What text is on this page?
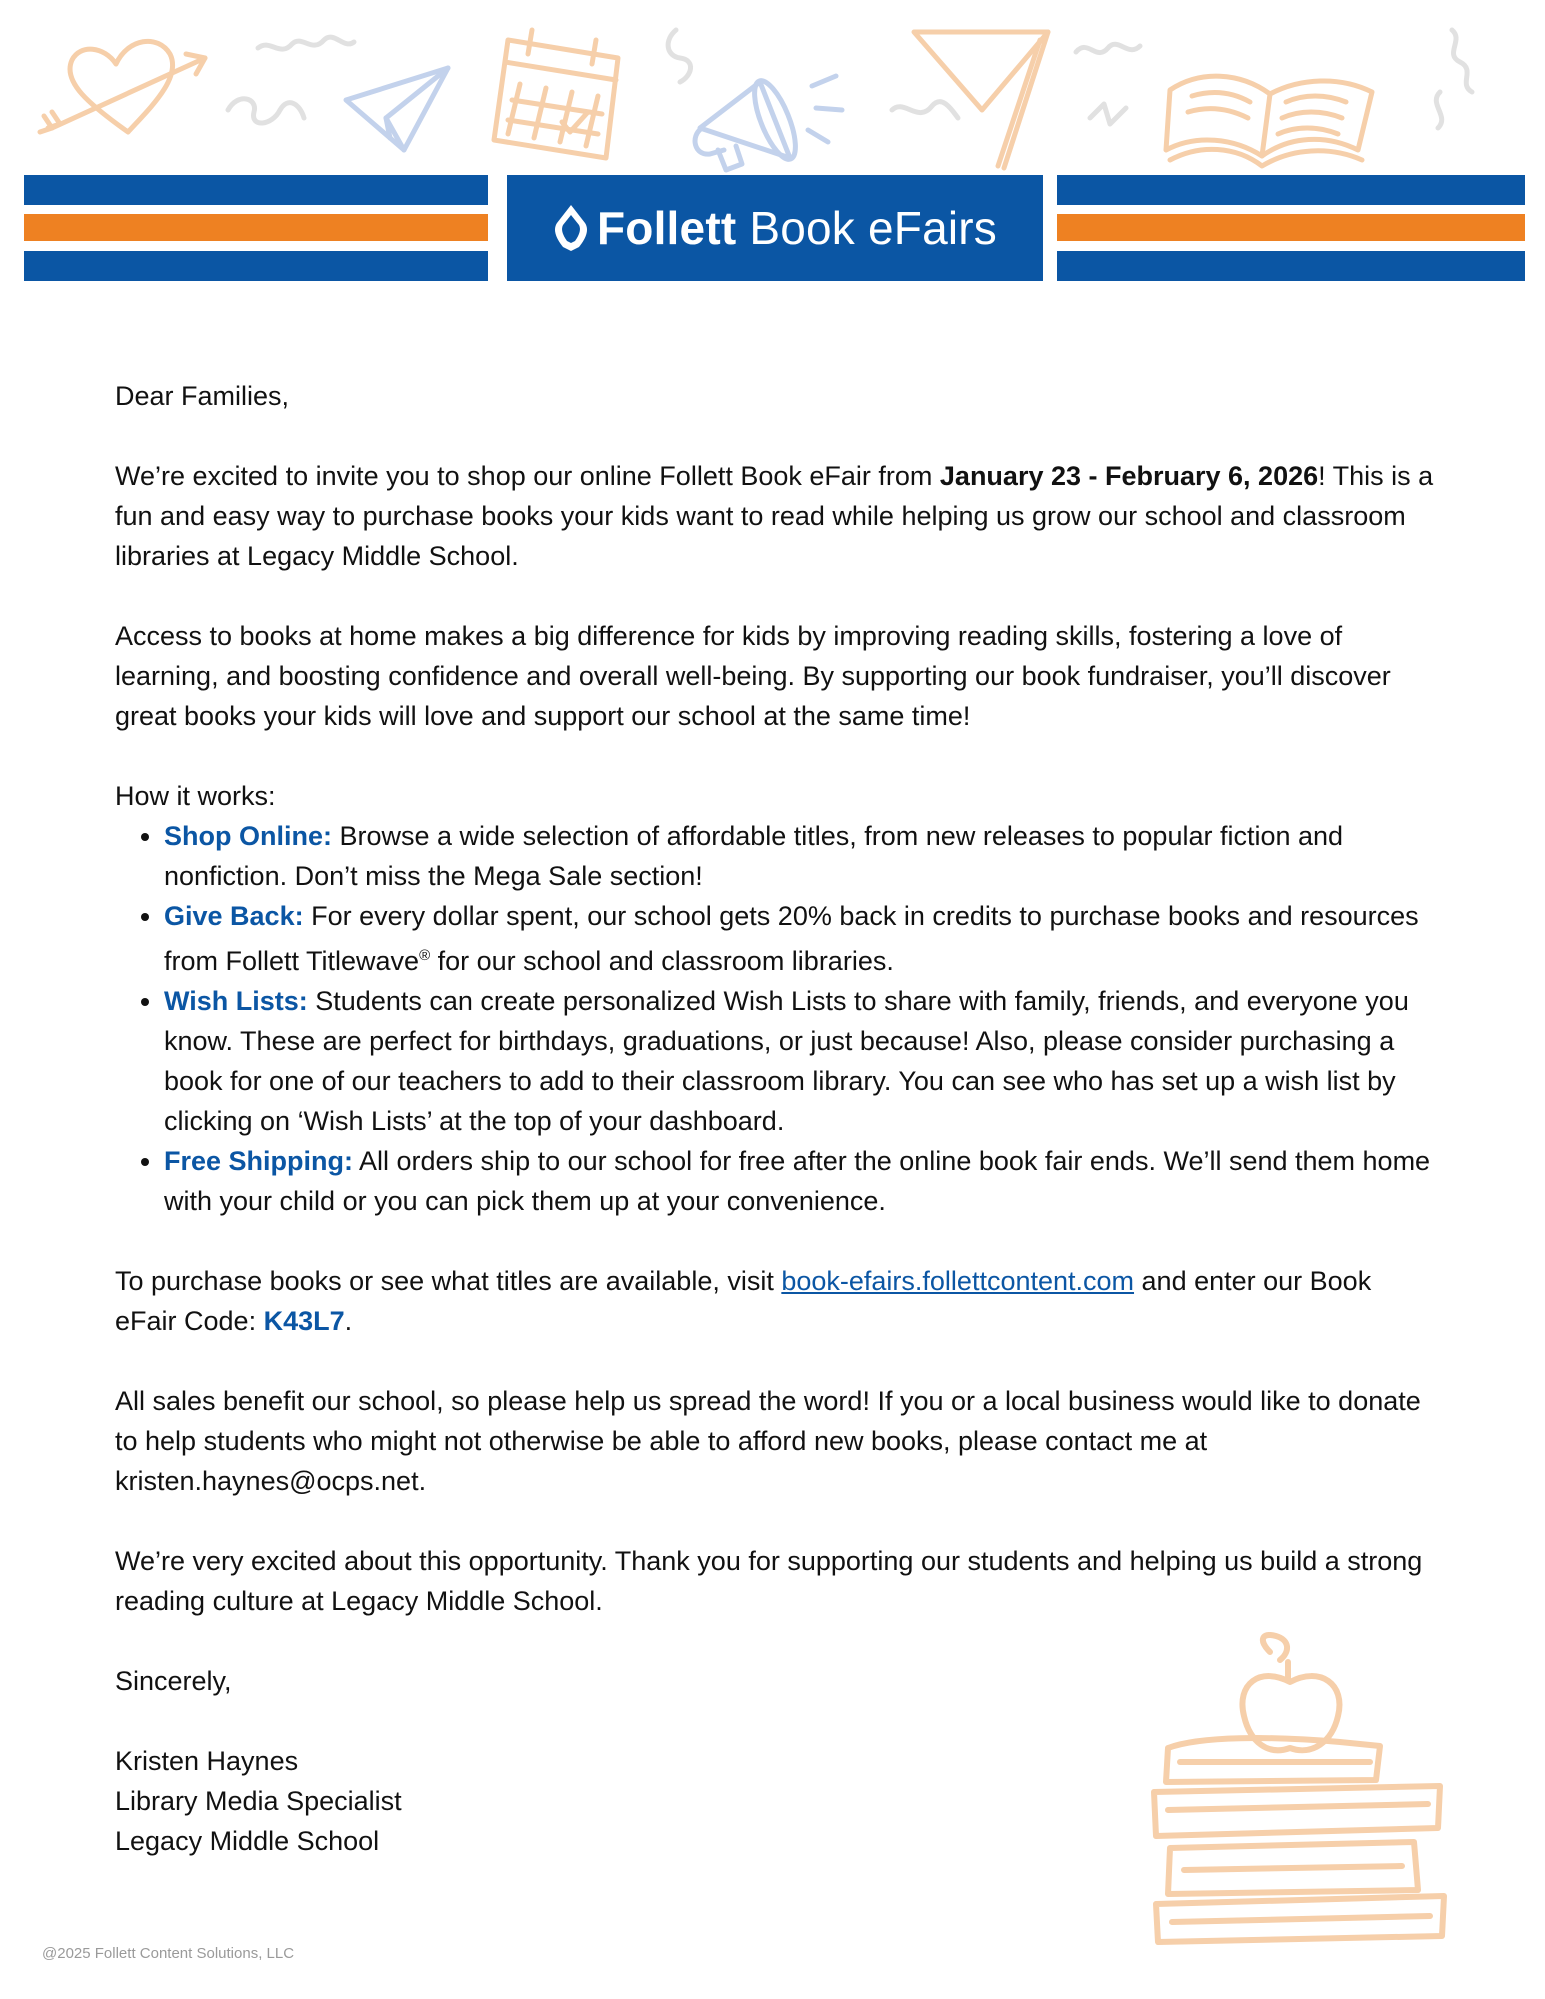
Follett Book eFairs

Dear Families,

We’re excited to invite you to shop our online Follett Book eFair from January 23 - February 6, 2026! This is a fun and easy way to purchase books your kids want to read while helping us grow our school and classroom libraries at Legacy Middle School.

Access to books at home makes a big difference for kids by improving reading skills, fostering a love of learning, and boosting confidence and overall well-being. By supporting our book fundraiser, you’ll discover great books your kids will love and support our school at the same time!

How it works:
• Shop Online: Browse a wide selection of affordable titles, from new releases to popular fiction and nonfiction. Don’t miss the Mega Sale section!
• Give Back: For every dollar spent, our school gets 20% back in credits to purchase books and resources from Follett Titlewave® for our school and classroom libraries.
• Wish Lists: Students can create personalized Wish Lists to share with family, friends, and everyone you know. These are perfect for birthdays, graduations, or just because! Also, please consider purchasing a book for one of our teachers to add to their classroom library. You can see who has set up a wish list by clicking on ‘Wish Lists’ at the top of your dashboard.
• Free Shipping: All orders ship to our school for free after the online book fair ends. We’ll send them home with your child or you can pick them up at your convenience.

To purchase books or see what titles are available, visit book-efairs.follettcontent.com and enter our Book eFair Code: K43L7.

All sales benefit our school, so please help us spread the word! If you or a local business would like to donate to help students who might not otherwise be able to afford new books, please contact me at kristen.haynes@ocps.net.

We’re very excited about this opportunity. Thank you for supporting our students and helping us build a strong reading culture at Legacy Middle School.

Sincerely,

Kristen Haynes

Library Media Specialist

Legacy Middle School

@2025 Follett Content Solutions, LLC
